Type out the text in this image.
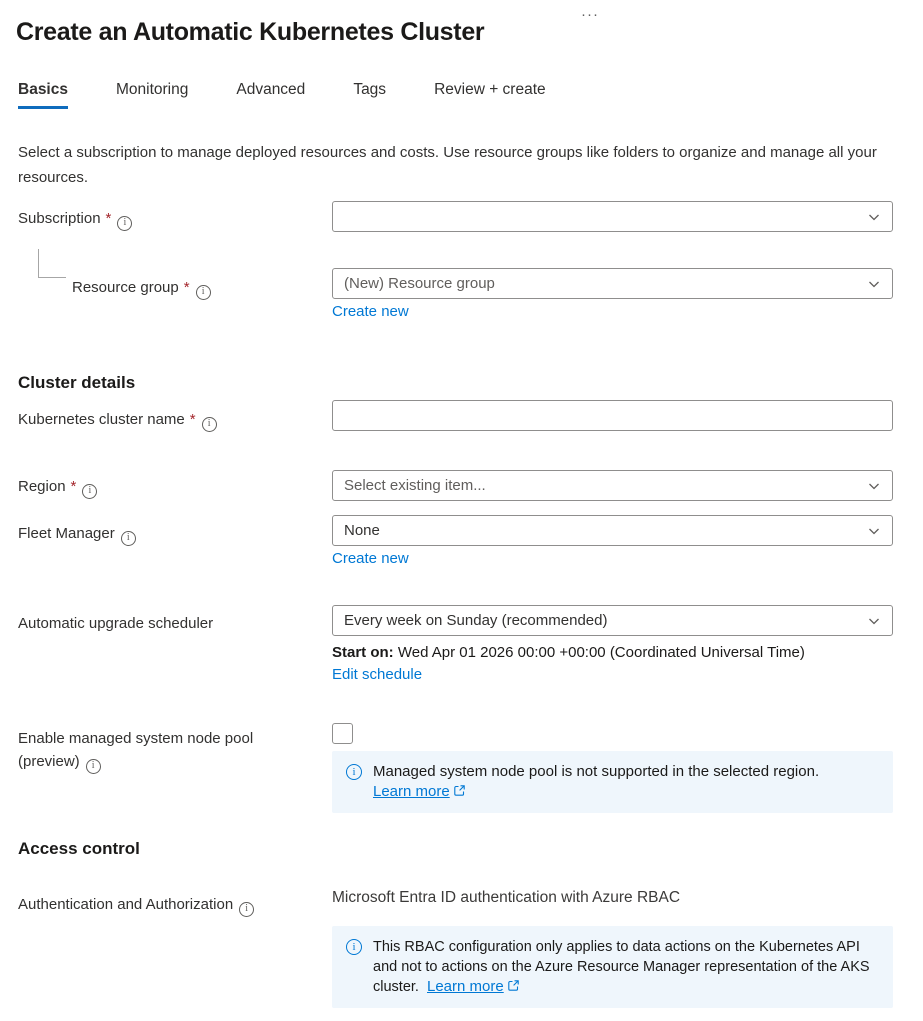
Create an Automatic Kubernetes Cluster
···
Basics	Monitoring	Advanced	Tags	Review + create
Select a subscription to manage deployed resources and costs. Use resource groups like folders to organize and manage all your resources.
Subscription * i
Resource group * i	(New) Resource group
Create new
Cluster details
Kubernetes cluster name * i
Region * i	Select existing item...
Fleet Manager i	None
Create new
Automatic upgrade scheduler	Every week on Sunday (recommended)
Start on: Wed Apr 01 2026 00:00 +00:00 (Coordinated Universal Time)
Edit schedule
Enable managed system node pool (preview) i	i	Managed system node pool is not supported in the selected region.
Learn more
Access control
Authentication and Authorization i
Microsoft Entra ID authentication with Azure RBAC
i	This RBAC configuration only applies to data actions on the Kubernetes API and not to actions on the Azure Resource Manager representation of the AKS cluster. Learn more
